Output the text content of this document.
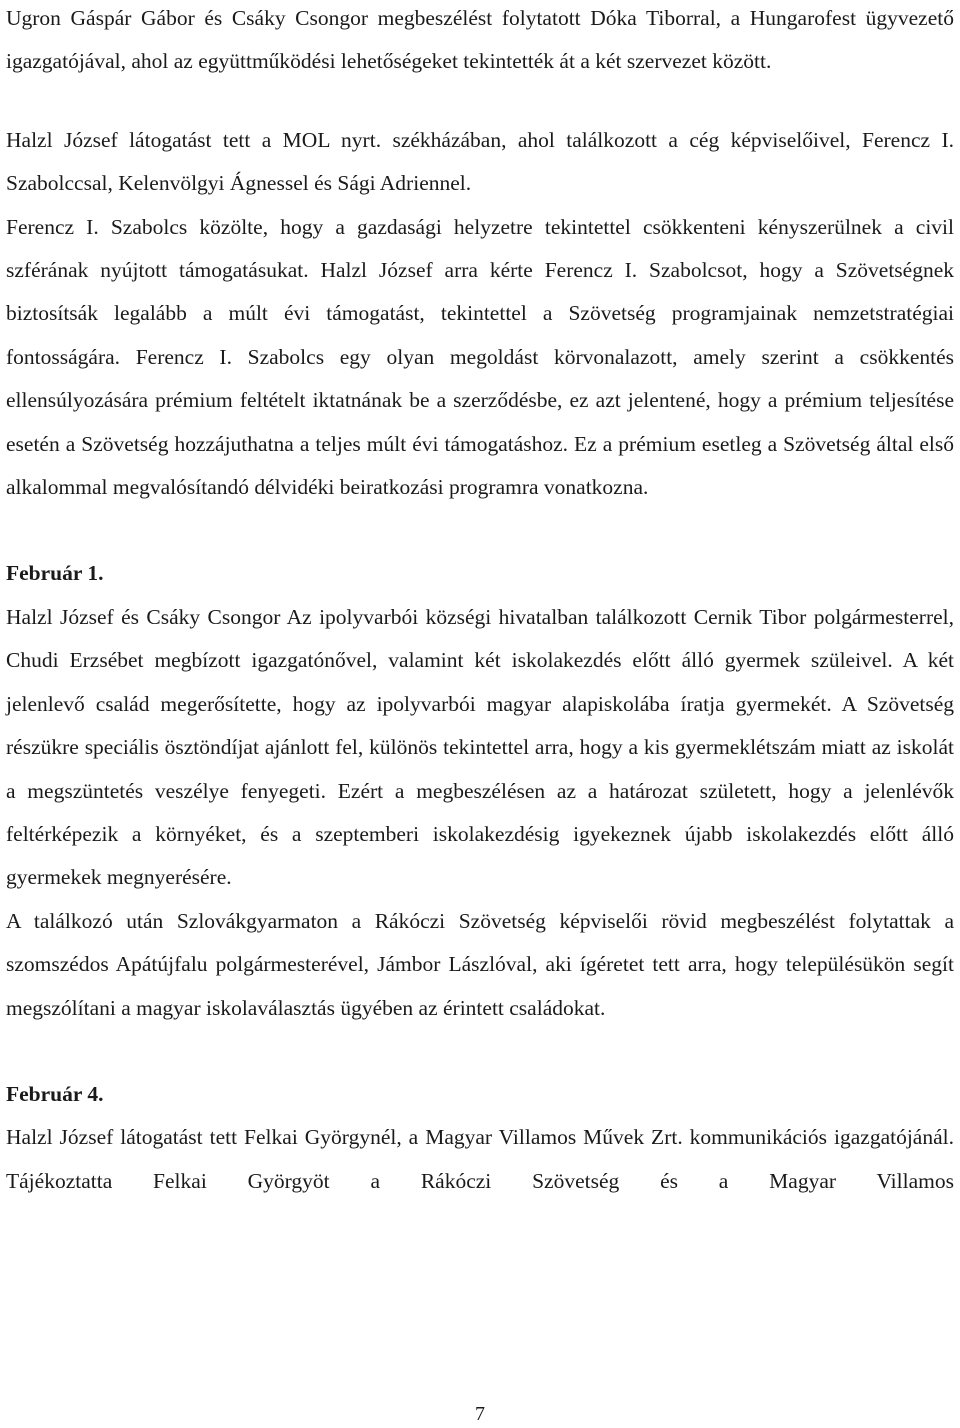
Ugron Gáspár Gábor és Csáky Csongor megbeszélést folytatott Dóka Tiborral, a Hungarofest ügyvezető igazgatójával, ahol az együttműködési lehetőségeket tekintették át a két szervezet között.

Halzl József látogatást tett a MOL nyrt. székházában, ahol találkozott a cég képviselőivel, Ferencz I. Szabolccsal, Kelenvölgyi Ágnessel és Sági Adriennel.

Ferencz I. Szabolcs közölte, hogy a gazdasági helyzetre tekintettel csökkenteni kényszerülnek a civil szférának nyújtott támogatásukat. Halzl József arra kérte Ferencz I. Szabolcsot, hogy a Szövetségnek biztosítsák legalább a múlt évi támogatást, tekintettel a Szövetség programjainak nemzetstratégiai fontosságára. Ferencz I. Szabolcs egy olyan megoldást körvonalazott, amely szerint a csökkentés ellensúlyozására prémium feltételt iktatnának be a szerződésbe, ez azt jelentené, hogy a prémium teljesítése esetén a Szövetség hozzájuthatna a teljes múlt évi támogatáshoz. Ez a prémium esetleg a Szövetség által első alkalommal megvalósítandó délvidéki beiratkozási programra vonatkozna.

Február 1.

Halzl József és Csáky Csongor Az ipolyvarbói községi hivatalban találkozott Cernik Tibor polgármesterrel, Chudi Erzsébet megbízott igazgatónővel, valamint két iskolakezdés előtt álló gyermek szüleivel. A két jelenlevő család megerősítette, hogy az ipolyvarbói magyar alapiskolába íratja gyermekét. A Szövetség részükre speciális ösztöndíjat ajánlott fel, különös tekintettel arra, hogy a kis gyermeklétszám miatt az iskolát a megszüntetés veszélye fenyegeti. Ezért a megbeszélésen az a határozat született, hogy a jelenlévők feltérképezik a környéket, és a szeptemberi iskolakezdésig igyekeznek újabb iskolakezdés előtt álló gyermekek megnyerésére.

A találkozó után Szlovákgyarmaton a Rákóczi Szövetség képviselői rövid megbeszélést folytattak a szomszédos Apátújfalu polgármesterével, Jámbor Lászlóval, aki ígéretet tett arra, hogy településükön segít megszólítani a magyar iskolaválasztás ügyében az érintett családokat.

Február 4.

Halzl József látogatást tett Felkai Györgynél, a Magyar Villamos Művek Zrt. kommunikációs igazgatójánál. Tájékoztatta Felkai Györgyöt a Rákóczi Szövetség és a Magyar Villamos

7
